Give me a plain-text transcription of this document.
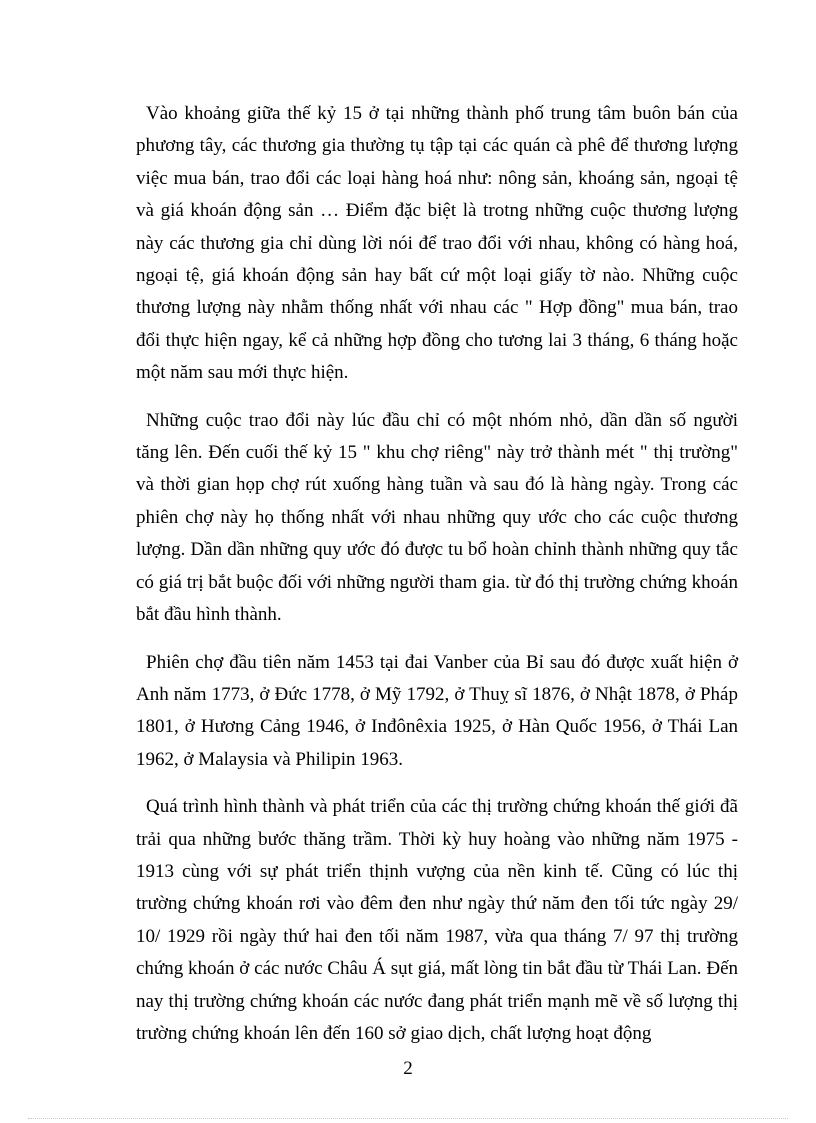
Vào khoảng giữa thế kỷ 15 ở tại những thành phố trung tâm buôn bán của phương tây, các thương gia thường tụ tập tại các quán cà phê để thương lượng việc mua bán, trao đổi các loại hàng hoá như: nông sản, khoáng sản, ngoại tệ và giá khoán động sản … Điểm đặc biệt là trotng những cuộc thương lượng này các thương gia chỉ dùng lời nói để trao đổi với nhau, không có hàng hoá, ngoại tệ, giá khoán động sản hay bất cứ một loại giấy tờ nào. Những cuộc thương lượng này nhằm thống nhất với nhau các " Hợp đồng" mua bán, trao đổi thực hiện ngay, kể cả những hợp đồng cho tương lai 3 tháng, 6 tháng hoặc một năm sau mới thực hiện.

Những cuộc trao đổi này lúc đầu chỉ có một nhóm nhỏ, dần dần số người tăng lên. Đến cuối thế kỷ 15 " khu chợ riêng" này trở thành mét " thị trường" và thời gian họp chợ rút xuống hàng tuần và sau đó là hàng ngày. Trong các phiên chợ này họ thống nhất với nhau những quy ước cho các cuộc thương lượng. Dần dần những quy ước đó được tu bổ hoàn chỉnh thành những quy tắc có giá trị bắt buộc đối với những người tham gia. từ đó thị trường chứng khoán bắt đầu hình thành.

Phiên chợ đầu tiên năm 1453 tại đai Vanber của Bỉ sau đó được xuất hiện ở Anh năm 1773, ở Đức 1778, ở Mỹ 1792, ở Thuỵ sĩ 1876, ở Nhật 1878, ở Pháp 1801, ở Hương Cảng 1946, ở Inđônêxia 1925, ở Hàn Quốc 1956, ở Thái Lan 1962, ở Malaysia và Philipin 1963.

Quá trình hình thành và phát triển của các thị trường chứng khoán thế giới đã trải qua những bước thăng trầm. Thời kỳ huy hoàng vào những năm 1975 - 1913 cùng với sự phát triển thịnh vượng của nền kinh tế. Cũng có lúc thị trường chứng khoán rơi vào đêm đen như ngày thứ năm đen tối tức ngày 29/ 10/ 1929 rồi ngày thứ hai đen tối năm 1987, vừa qua tháng 7/ 97 thị trường chứng khoán ở các nước Châu Á sụt giá, mất lòng tin bắt đầu từ Thái Lan. Đến nay thị trường chứng khoán các nước đang phát triển mạnh mẽ về số lượng thị trường chứng khoán lên đến 160 sở giao dịch, chất lượng hoạt động

2
